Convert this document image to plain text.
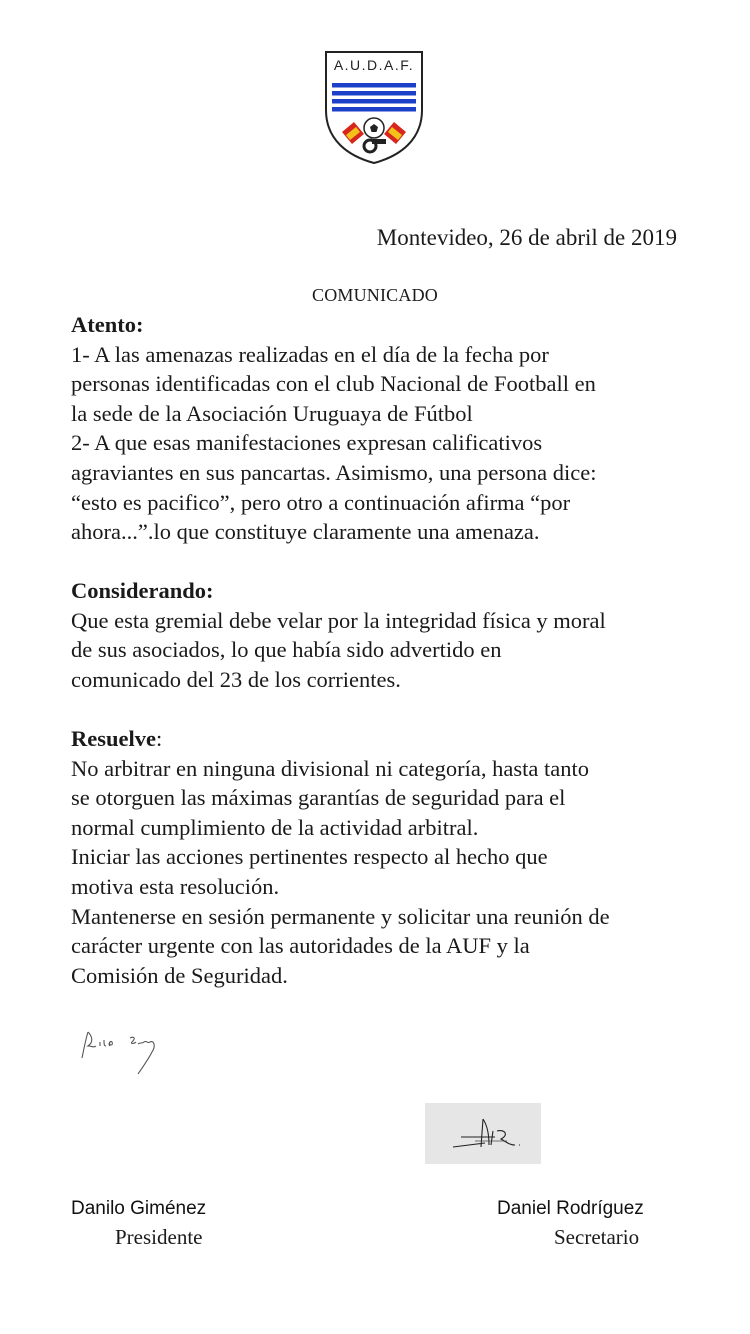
A.U.D.A.F.
Montevideo, 26 de abril de 2019
COMUNICADO

Atento:

1- A las amenazas realizadas en el día de la fecha por

personas identificadas con el club Nacional de Football en

la sede de la Asociación Uruguaya de Fútbol

2- A que esas manifestaciones expresan calificativos

agraviantes en sus pancartas. Asimismo, una persona dice:

“esto es pacifico”, pero otro a continuación afirma “por

ahora...”.lo que constituye claramente una amenaza.

Considerando:

Que esta gremial debe velar por la integridad física y moral

de sus asociados, lo que había sido advertido en

comunicado del 23 de los corrientes.

Resuelve:

No arbitrar en ninguna divisional ni categoría, hasta tanto

se otorguen las máximas garantías de seguridad para el

normal cumplimiento de la actividad arbitral.

Iniciar las acciones pertinentes respecto al hecho que

motiva esta resolución.

Mantenerse en sesión permanente y solicitar una reunión de

carácter urgente con las autoridades de la AUF y la

Comisión de Seguridad.

Danilo Giménez
Presidente
Daniel Rodríguez
Secretario
